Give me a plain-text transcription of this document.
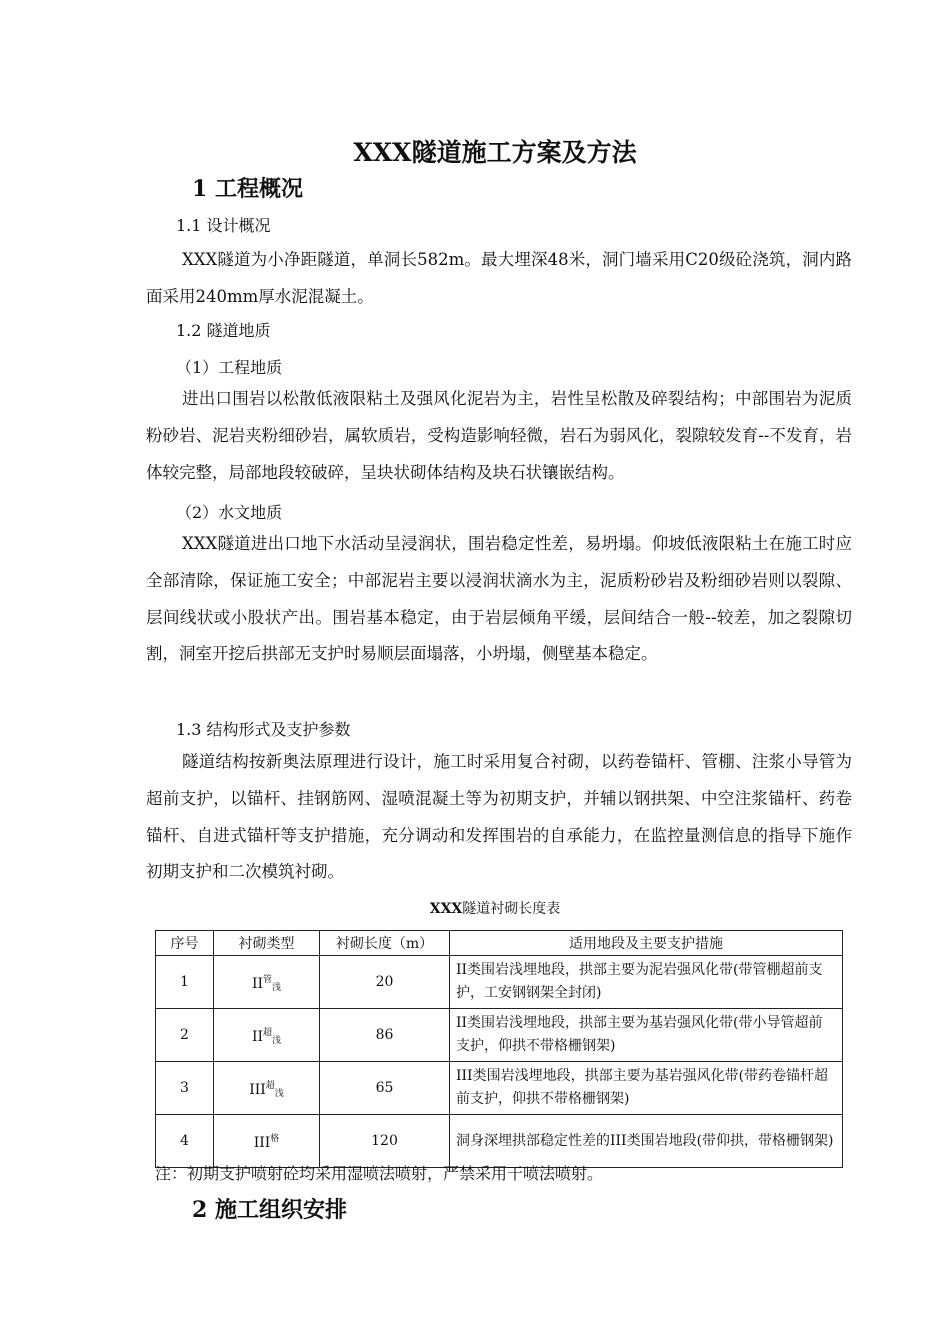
XXX隧道施工方案及方法
1 工程概况
1.1 设计概况

XXX隧道为小净距隧道，单洞长582m。最大埋深48米，洞门墙采用C20级砼浇筑，洞内路面采用240mm厚水泥混凝土。

1.2 隧道地质
（1）工程地质

进出口围岩以松散低液限粘土及强风化泥岩为主，岩性呈松散及碎裂结构；中部围岩为泥质粉砂岩、泥岩夹粉细砂岩，属软质岩，受构造影响轻微，岩石为弱风化，裂隙较发育--不发育，岩体较完整，局部地段较破碎，呈块状砌体结构及块石状镶嵌结构。

（2）水文地质

XXX隧道进出口地下水活动呈浸润状，围岩稳定性差，易坍塌。仰坡低液限粘土在施工时应全部清除，保证施工安全；中部泥岩主要以浸润状滴水为主，泥质粉砂岩及粉细砂岩则以裂隙、层间线状或小股状产出。围岩基本稳定，由于岩层倾角平缓，层间结合一般--较差，加之裂隙切割，洞室开挖后拱部无支护时易顺层面塌落，小坍塌，侧壁基本稳定。

1.3 结构形式及支护参数

隧道结构按新奥法原理进行设计，施工时采用复合衬砌，以药卷锚杆、管棚、注浆小导管为超前支护，以锚杆、挂钢筋网、湿喷混凝土等为初期支护，并辅以钢拱架、中空注浆锚杆、药卷锚杆、自进式锚杆等支护措施，充分调动和发挥围岩的自承能力，在监控量测信息的指导下施作初期支护和二次模筑衬砌。

XXX隧道衬砌长度表
序号	衬砌类型	衬砌长度（m）	适用地段及主要支护措施
1	$II^管_浅$	20	II类围岩浅埋地段，拱部主要为泥岩强风化带(带管棚超前支护，工安钢钢架全封闭)
2	$II^超_浅$	86	II类围岩浅埋地段，拱部主要为基岩强风化带(带小导管超前支护，仰拱不带格栅钢架)
3	$III^超_浅$	65	III类围岩浅埋地段，拱部主要为基岩强风化带(带药卷锚杆超前支护，仰拱不带格栅钢架)
4	$III^格$	120	洞身深埋拱部稳定性差的III类围岩地段(带仰拱，带格栅钢架)
注：初期支护喷射砼均采用湿喷法喷射，严禁采用干喷法喷射。
2 施工组织安排
